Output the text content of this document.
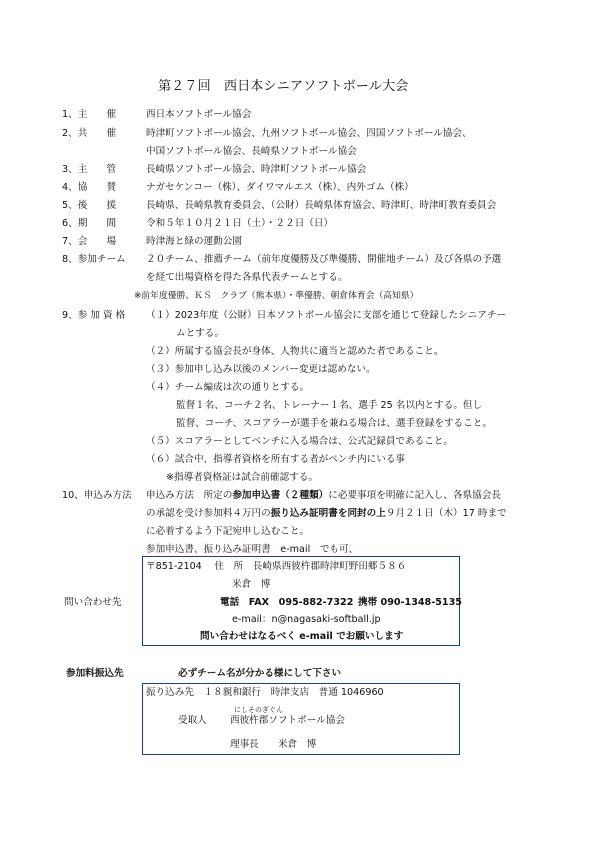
第２７回　西日本シニアソフトボール大会
1、主　　催	西日本ソフトボール協会
2、共　　催	時津町ソフトボール協会、九州ソフトボール協会、四国ソフトボール協会、
中国ソフトボール協会、長崎県ソフトボール協会
3、主　　管	長崎県ソフトボール協会、時津町ソフトボール協会
4、協　　賛	ナガセケンコー（株）、ダイワマルエス（株）、内外ゴム（株）
5、後　　援	長崎県、長崎県教育委員会、（公財）長崎県体育協会、時津町、時津町教育委員会
6、期　　間	令和５年１０月２１日（土）・２２日（日）
7、会　　場	時津海と緑の運動公園
8、参加チーム ２０チーム、推薦チーム（前年度優勝及び準優勝、開催地チーム）及び各県の予選
を経て出場資格を得た各県代表チームとする。
※前年度優勝、ＫＳ　クラブ（熊本県）・準優勝、朝倉体育会（高知県）
9、参 加 資 格 （１）2023年度（公財）日本ソフトボール協会に支部を通じて登録したシニアチー
ムとする。
（２）所属する協会長が身体、人物共に適当と認めた者であること。
（３）参加申し込み以後のメンバー変更は認めない。
（４）チーム編成は次の通りとする。
監督１名、コーチ２名、トレーナー１名、選手 25 名以内とする。但し
監督、コーチ、スコアラーが選手を兼ねる場合は、選手登録をすること。
（５）スコアラーとしてベンチに入る場合は、公式記録員であること。
（６）試合中、指導者資格を所有する者がベンチ内にいる事
※指導者資格証は試合前確認する。
10、申込み方法 申込み方法　所定の参加申込書（２種類）に必要事項を明確に記入し、各県協会長
の承認を受け参加料４万円の振り込み証明書を同封の上９月２１日（木）17 時まで
に必着するよう下記宛申し込むこと。
参加申込書、振り込み証明書　e-mail　でも可、
問い合わせ先
〒851-2104　 住　所　長崎県西彼杵郡時津町野田郷５８６
米倉　博
電話　FAX　095-882-7322 携帯 090-1348-5135
e-mail：n@nagasaki-softball.jp
問い合わせはなるべく e-mail でお願いします
参加料振込先	必ずチーム名が分かる様にして下さい
振り込み先　１８親和銀行　時津支店　普通 1046960
にしそのぎぐん
受取人 西彼杵郡ソフトボール協会
理事長　　米倉　博
